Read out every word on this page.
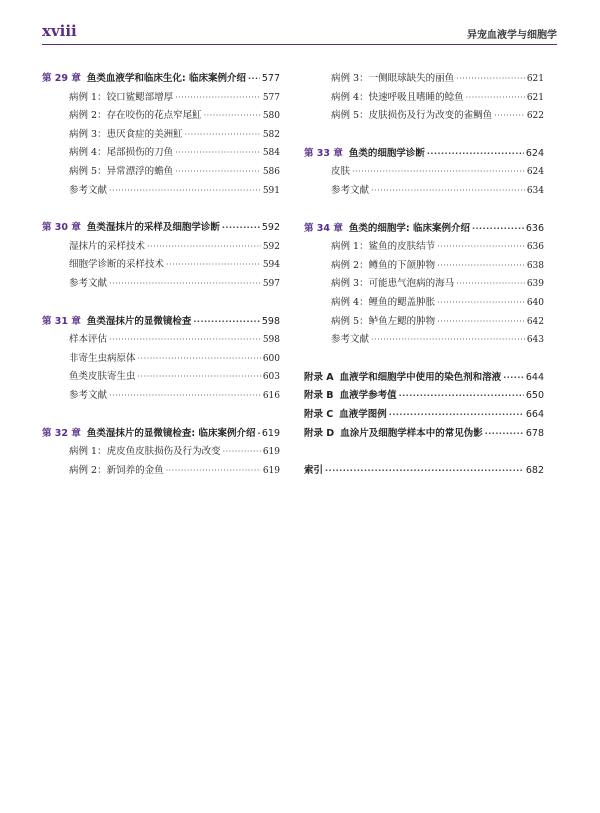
xviii	异宠血液学与细胞学
第 29 章 鱼类血液学和临床生化: 临床案例介绍 ····· 577
病例 1：铰口鲨鳃部增厚 ·····	577
病例 2：存在咬伤的花点窄尾魟 ·····	580
病例 3：患厌食症的美洲魟 ·····	582
病例 4：尾部损伤的刀鱼 ·····	584
病例 5：异常漂浮的蟾鱼 ·····	586
参考文献 ·····	591
第 30 章 鱼类湿抹片的采样及细胞学诊断 ·····	592
湿抹片的采样技术 ·····	592
细胞学诊断的采样技术 ·····	594
参考文献 ·····	597
第 31 章 鱼类湿抹片的显微镜检查 ·····	598
样本评估 ·····	598
非寄生虫病原体 ·····	600
鱼类皮肤寄生虫 ·····	603
参考文献 ·····	616
第 32 章 鱼类湿抹片的显微镜检查: 临床案例介绍 ····· 619
病例 1：虎皮鱼皮肤损伤及行为改变 ·····	619
病例 2：新饲养的金鱼 ·····	619
病例 3：一侧眼球缺失的丽鱼 ·····	621
病例 4：快速呼吸且嗜睡的鲶鱼 ·····	621
病例 5：皮肤损伤及行为改变的雀鲷鱼 ·····	622
第 33 章 鱼类的细胞学诊断 ·····	624
皮肤 ·····	624
参考文献 ·····	634
第 34 章 鱼类的细胞学: 临床案例介绍 ·····	636
病例 1：鲨鱼的皮肤结节 ·····	636
病例 2：鳟鱼的下颌肿物 ·····	638
病例 3：可能患气泡病的海马 ·····	639
病例 4：鲤鱼的鳃盖肿胀 ·····	640
病例 5：鲈鱼左鳃的肿物 ·····	642
参考文献 ·····	643
附录 A 血液学和细胞学中使用的染色剂和溶液 ·····	644
附录 B 血液学参考值 ·····	650
附录 C 血液学图例 ·····	664
附录 D 血涂片及细胞学样本中的常见伪影 ·····	678
索引 ·····	682
